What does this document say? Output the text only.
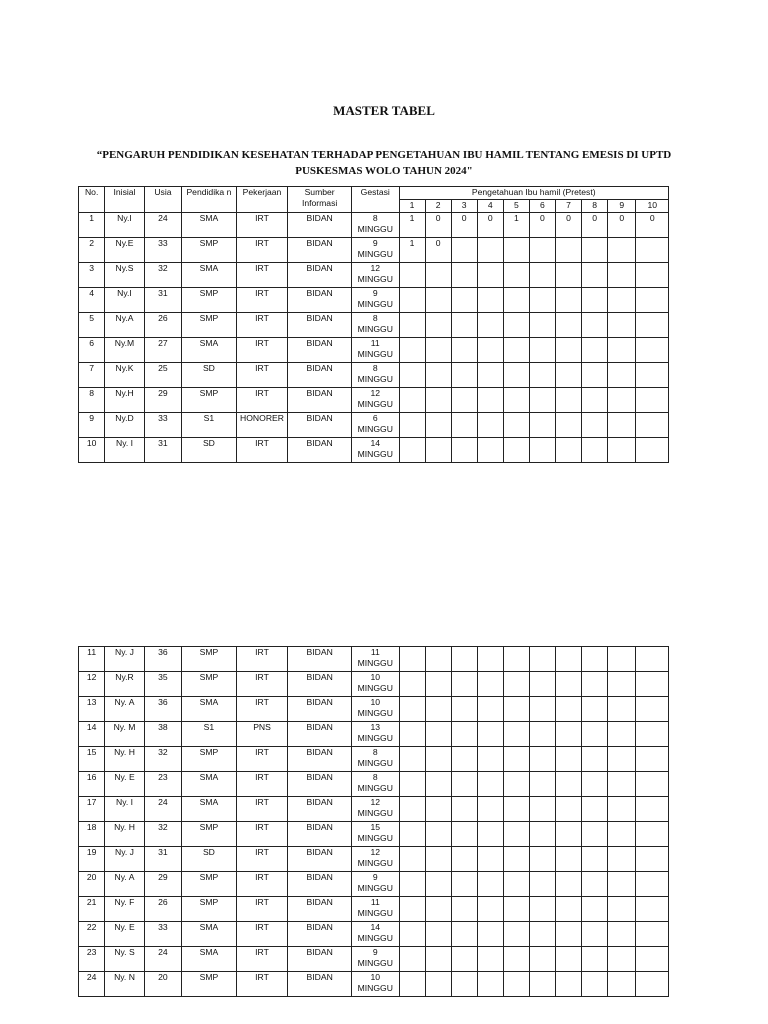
MASTER TABEL
“PENGARUH PENDIDIKAN KESEHATAN TERHADAP PENGETAHUAN IBU HAMIL TENTANG EMESIS DI UPTD
PUSKESMAS WOLO TAHUN 2024"
No.	Inisial	Usia	Pendidika n	Pekerjaan	Sumber Informasi	Gestasi	Pengetahuan Ibu hamil (Pretest)									
							1	2	3	4	5	6	7	8	9	10
1	Ny.I	24	SMA	IRT	BIDAN	8
MINGGU	1	0	0	0	1	0	0	0	0	0
2	Ny.E	33	SMP	IRT	BIDAN	9
MINGGU	1	0								
3	Ny.S	32	SMA	IRT	BIDAN	12
MINGGU										

4	Ny.I	31	SMP	IRT	BIDAN	9
MINGGU										

5	Ny.A	26	SMP	IRT	BIDAN	8
MINGGU										

6	Ny.M	27	SMA	IRT	BIDAN	11
MINGGU										

7	Ny.K	25	SD	IRT	BIDAN	8
MINGGU										

8	Ny.H	29	SMP	IRT	BIDAN	12
MINGGU										

9	Ny.D	33	S1	HONORER	BIDAN	6
MINGGU										

10	Ny. I	31	SD	IRT	BIDAN	14
MINGGU										

11	Ny. J	36	SMP	IRT	BIDAN	11
MINGGU										

12	Ny.R	35	SMP	IRT	BIDAN	10
MINGGU										

13	Ny. A	36	SMA	IRT	BIDAN	10
MINGGU										

14	Ny. M	38	S1	PNS	BIDAN	13
MINGGU										

15	Ny. H	32	SMP	IRT	BIDAN	8
MINGGU										

16	Ny. E	23	SMA	IRT	BIDAN	8
MINGGU										

17	Ny. I	24	SMA	IRT	BIDAN	12
MINGGU										

18	Ny. H	32	SMP	IRT	BIDAN	15
MINGGU										

19	Ny. J	31	SD	IRT	BIDAN	12
MINGGU										

20	Ny. A	29	SMP	IRT	BIDAN	9
MINGGU										

21	Ny. F	26	SMP	IRT	BIDAN	11
MINGGU										

22	Ny. E	33	SMA	IRT	BIDAN	14
MINGGU										

23	Ny. S	24	SMA	IRT	BIDAN	9
MINGGU										

24	Ny. N	20	SMP	IRT	BIDAN	10
MINGGU										
